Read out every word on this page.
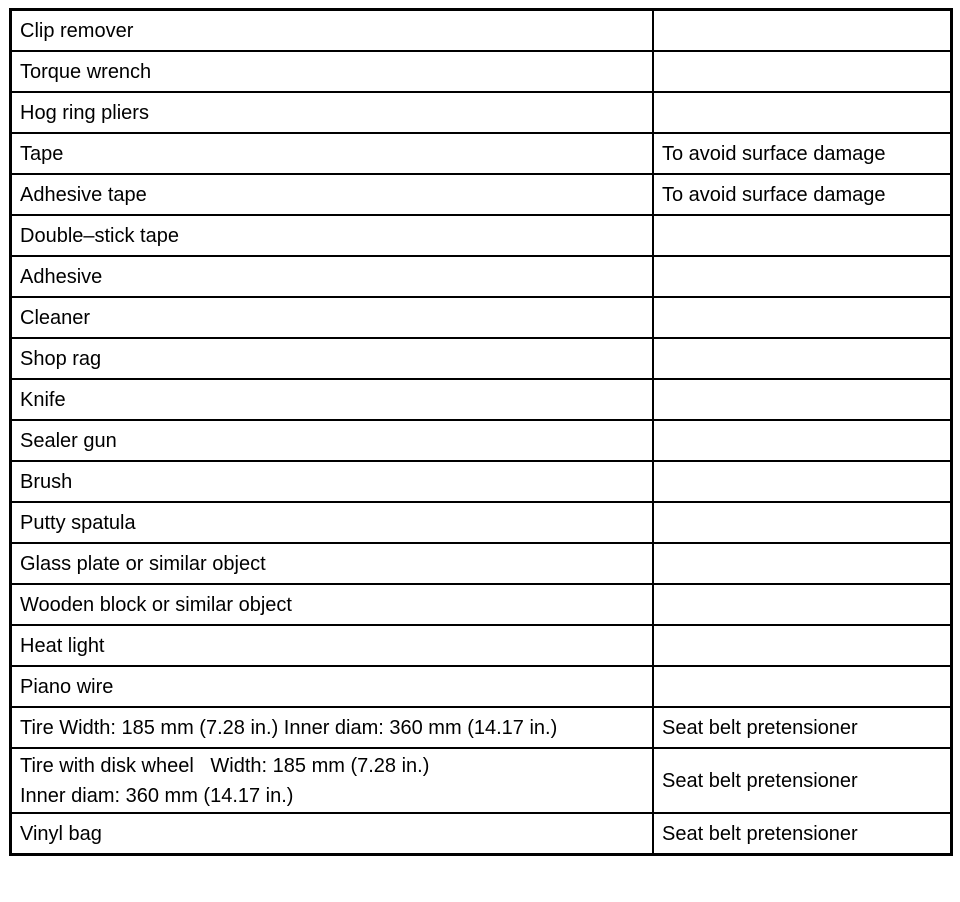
Clip remover	
Torque wrench	
Hog ring pliers	
Tape	To avoid surface damage
Adhesive tape	To avoid surface damage
Double–stick tape	
Adhesive	
Cleaner	
Shop rag	
Knife	
Sealer gun	
Brush	
Putty spatula	
Glass plate or similar object	
Wooden block or similar object	
Heat light	
Piano wire	
Tire Width: 185 mm (7.28 in.) Inner diam: 360 mm (14.17 in.)	Seat belt pretensioner
Tire with disk wheel   Width: 185 mm (7.28 in.)
Inner diam: 360 mm (14.17 in.)	Seat belt pretensioner
Vinyl bag	Seat belt pretensioner
